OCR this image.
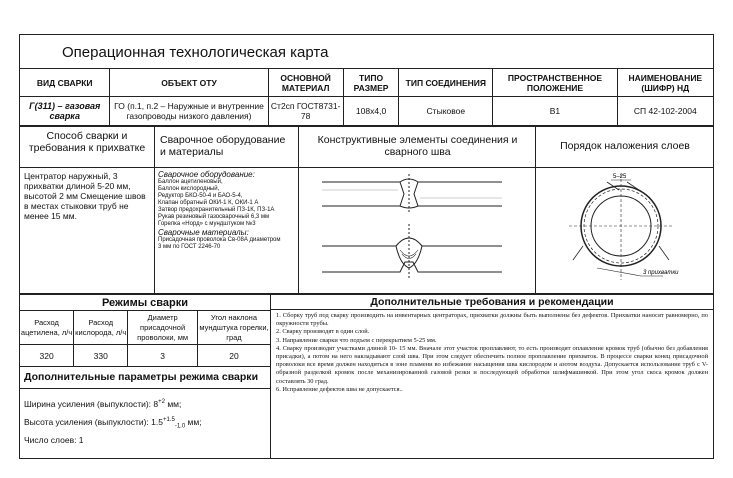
Операционная технологическая карта
ВИД СВАРКИ	ОБЪЕКТ ОТУ	ОСНОВНОЙ МАТЕРИАЛ	ТИПО РАЗМЕР	ТИП СОЕДИНЕНИЯ	ПРОСТРАНСТВЕННОЕ ПОЛОЖЕНИЕ	НАИМЕНОВАНИЕ (ШИФР) НД
Г(311) – газовая сварка	ГО (п.1, п.2 – Наружные и внутренние газопроводы низкого давления)	Ст2сп ГОСТ8731-78	108х4,0	Стыковое	В1	СП 42-102-2004
Способ сварки и требования к прихватке
Сварочное оборудование и материалы
Конструктивные элементы соединения и сварного шва	Порядок наложения слоев
Центратор наружный, 3 прихватки длиной 5-20 мм, высотой 2 мм Смещение швов в местах стыковки труб не менее 15 мм.
Сварочное оборудование:
Баллон ацетиленовый,
Баллон кислородный,
Редуктор БКО-50-4 и БАО-5-4,
Клапан обратный ОКИ-1 К, ОКИ-1 А
Затвор предохранительный ПЗ-1К, ПЗ-1А
Рукав резиновый газосварочный 6,3 мм
Горелка «Норд» с мундштуком №3
Сварочные материалы:
Присадочная проволока Св-08А диаметром
3 мм по ГОСТ 2246-70
5–25
3 прихватки
Режимы сварки			
Расход ацетилена, л/ч	Расход кислорода, л/ч	Диаметр присадочной проволоки, мм	Угол наклона мундштука горелки, град
320	330	3	20
Дополнительные параметры режима сварки
Ширина усиления (выпуклости): $8^{+2}$ мм;
Высота усиления (выпуклости): $1.5^{+1.5}_{-1.0}$ мм;
Число слоев: 1
Дополнительные требования и рекомендации
1. Сборку труб под сварку производить на инвентарных центраторах, прихватки должны быть выполнены без дефектов. Прихватки наносят равномерно, по окружности трубы.
2. Сварку производят в один слой.
3. Направление сварки что подъем с перекрытием 5-25 мм.
4. Сварку производят участками длиной 10- 15 мм. Вначале этот участок проплавляют, то есть производят оплавление кромок труб (обычно без добавления присадки), а потом на него накладывают слой шва. При этом следует обеспечить полное проплавление прихваток. В процессе сварки конец присадочной проволоки все время должен находиться в зоне пламени во избежание насыщения шва кислородом и азотом воздуха. Допускается использование труб с V-образной разделкой кромок после механизированной газовой резки и последующей обработки шлифмашинкой. При этом угол скоса кромок должен составлять 30 град.
6. Исправление дефектов шва не допускается..
